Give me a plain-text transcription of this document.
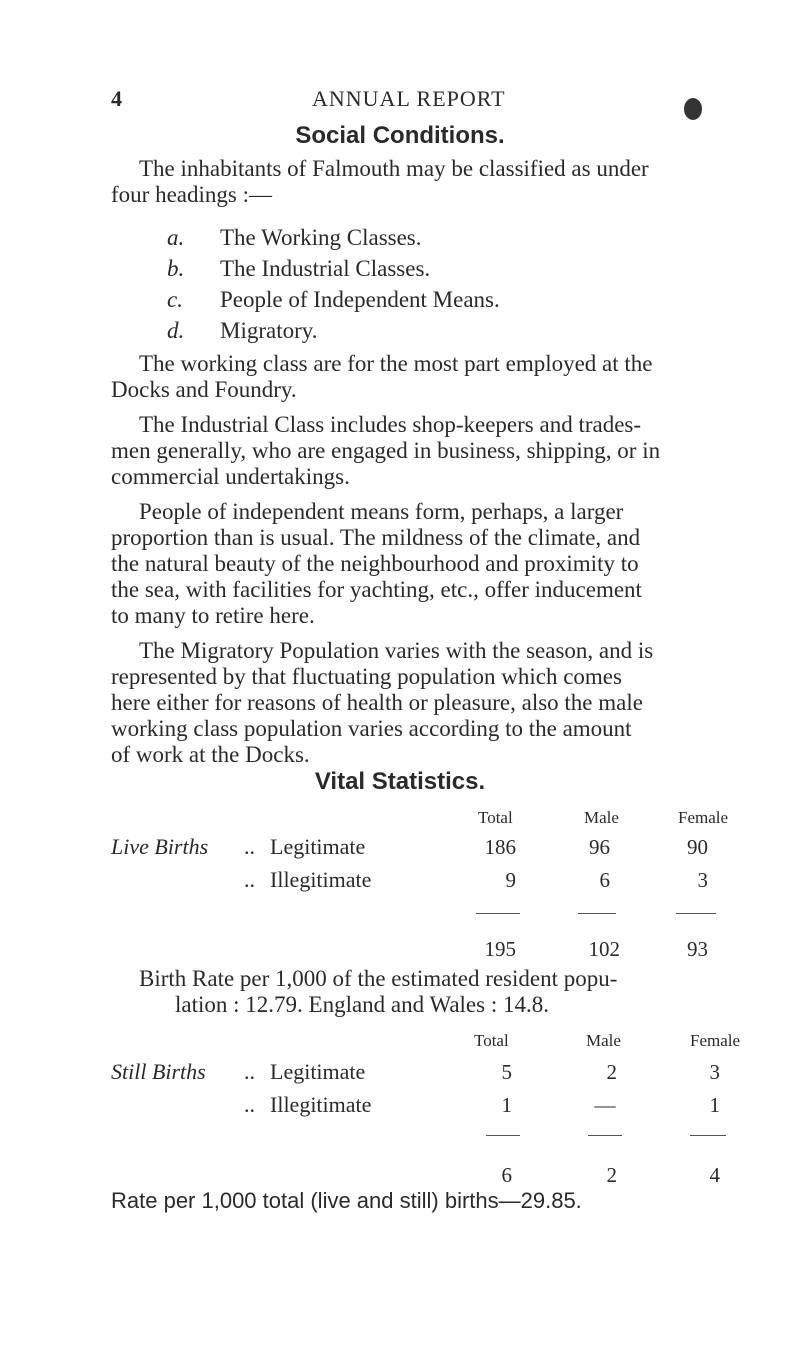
4	ANNUAL REPORT
Social Conditions.
The inhabitants of Falmouth may be classified as under
four headings :—
a. The Working Classes.
b. The Industrial Classes.
c. People of Independent Means.
d. Migratory.
The working class are for the most part employed at the
Docks and Foundry.
The Industrial Class includes shop-keepers and trades-
men generally, who are engaged in business, shipping, or in
commercial undertakings.
People of independent means form, perhaps, a larger
proportion than is usual. The mildness of the climate, and
the natural beauty of the neighbourhood and proximity to
the sea, with facilities for yachting, etc., offer inducement
to many to retire here.
The Migratory Population varies with the season, and is
represented by that fluctuating population which comes
here either for reasons of health or pleasure, also the male
working class population varies according to the amount
of work at the Docks.
Vital Statistics.
Total	Male	Female
Live Births .. Legitimate	186	96	90
.. Illegitimate	9	6	3
195	102	93
Birth Rate per 1,000 of the estimated resident popu-
lation : 12.79. England and Wales : 14.8.
Total	Male	Female
Still Births .. Legitimate	5	2	3
.. Illegitimate	1	—	1
6	2	4
Rate per 1,000 total (live and still) births—29.85.
